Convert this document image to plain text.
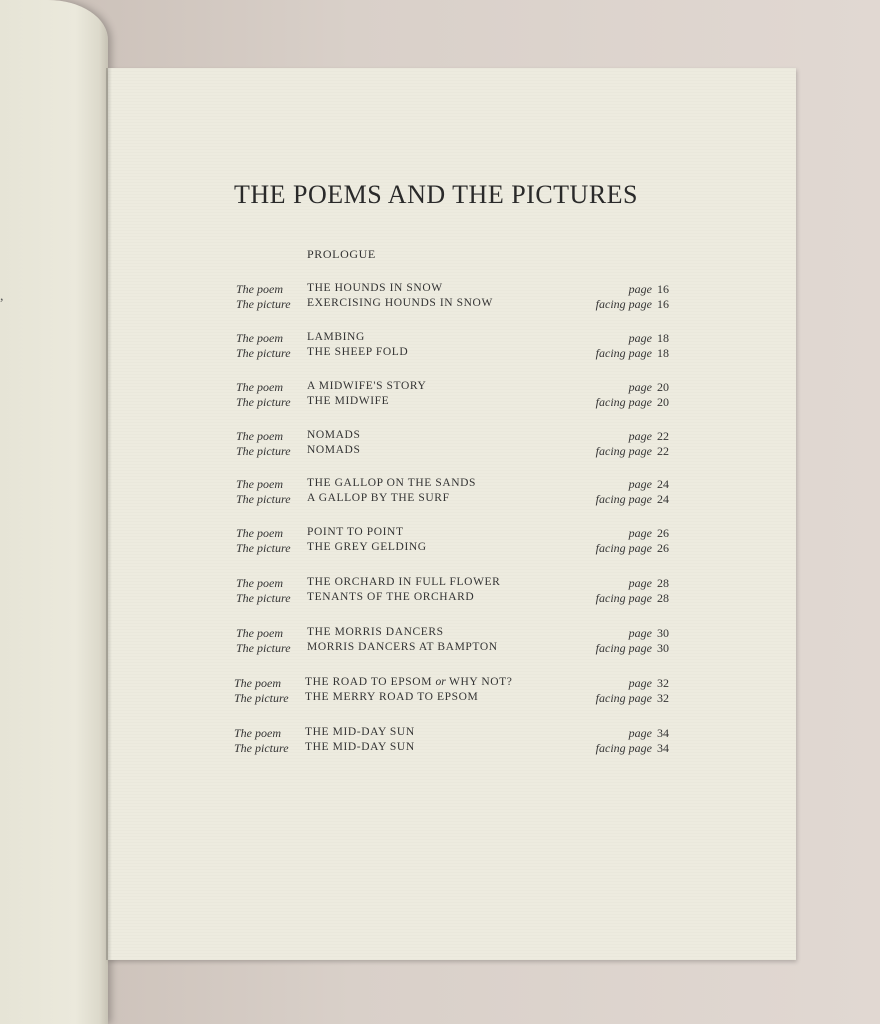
,
THE POEMS AND THE PICTURES
PROLOGUE
The poem	THE HOUNDS IN SNOW	page 16
The picture	EXERCISING HOUNDS IN SNOW	facing page 16
The poem	LAMBING	page 18
The picture	THE SHEEP FOLD	facing page 18
The poem	A MIDWIFE'S STORY	page 20
The picture	THE MIDWIFE	facing page 20
The poem	NOMADS	page 22
The picture	NOMADS	facing page 22
The poem	THE GALLOP ON THE SANDS	page 24
The picture	A GALLOP BY THE SURF	facing page 24
The poem	POINT TO POINT	page 26
The picture	THE GREY GELDING	facing page 26
The poem	THE ORCHARD IN FULL FLOWER	page 28
The picture	TENANTS OF THE ORCHARD	facing page 28
The poem	THE MORRIS DANCERS	page 30
The picture	MORRIS DANCERS AT BAMPTON	facing page 30
The poem	THE ROAD TO EPSOM or WHY NOT?	page 32
The picture	THE MERRY ROAD TO EPSOM	facing page 32
The poem	THE MID-DAY SUN	page 34
The picture	THE MID-DAY SUN	facing page 34
